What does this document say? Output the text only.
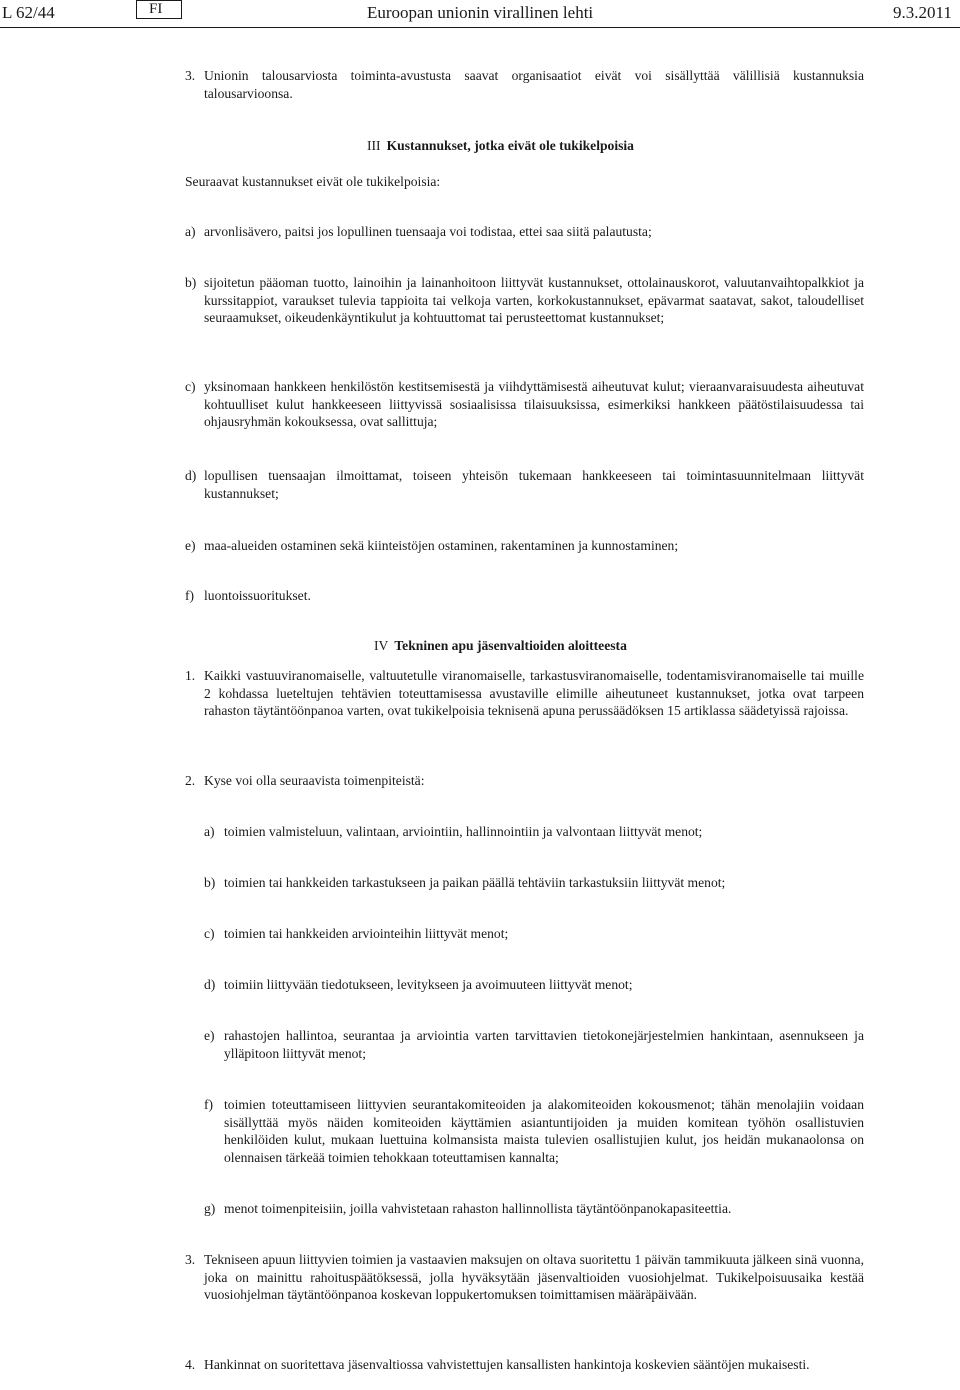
L 62/44	FI	Euroopan unionin virallinen lehti	9.3.2011
3. Unionin talousarviosta toiminta-avustusta saavat organisaatiot eivät voi sisällyttää välillisiä kustannuksia talousarvioonsa.
III Kustannukset, jotka eivät ole tukikelpoisia
Seuraavat kustannukset eivät ole tukikelpoisia:
a) arvonlisävero, paitsi jos lopullinen tuensaaja voi todistaa, ettei saa siitä palautusta;
b) sijoitetun pääoman tuotto, lainoihin ja lainanhoitoon liittyvät kustannukset, ottolainauskorot, valuutanvaihtopalkkiot ja kurssitappiot, varaukset tulevia tappioita tai velkoja varten, korkokustannukset, epävarmat saatavat, sakot, taloudelliset seuraamukset, oikeudenkäyntikulut ja kohtuuttomat tai perusteettomat kustannukset;
c) yksinomaan hankkeen henkilöstön kestitsemisestä ja viihdyttämisestä aiheutuvat kulut; vieraanvaraisuudesta aiheutuvat kohtuulliset kulut hankkeeseen liittyvissä sosiaalisissa tilaisuuksissa, esimerkiksi hankkeen päätöstilaisuudessa tai ohjausryhmän kokouksessa, ovat sallittuja;
d) lopullisen tuensaajan ilmoittamat, toiseen yhteisön tukemaan hankkeeseen tai toimintasuunnitelmaan liittyvät kustannukset;
e) maa-alueiden ostaminen sekä kiinteistöjen ostaminen, rakentaminen ja kunnostaminen;
f) luontoissuoritukset.
IV Tekninen apu jäsenvaltioiden aloitteesta
1. Kaikki vastuuviranomaiselle, valtuutetulle viranomaiselle, tarkastusviranomaiselle, todentamisviranomaiselle tai muille 2 kohdassa lueteltujen tehtävien toteuttamisessa avustaville elimille aiheutuneet kustannukset, jotka ovat tarpeen rahaston täytäntöönpanoa varten, ovat tukikelpoisia teknisenä apuna perussäädöksen 15 artiklassa säädetyissä rajoissa.
2. Kyse voi olla seuraavista toimenpiteistä:
a) toimien valmisteluun, valintaan, arviointiin, hallinnointiin ja valvontaan liittyvät menot;
b) toimien tai hankkeiden tarkastukseen ja paikan päällä tehtäviin tarkastuksiin liittyvät menot;
c) toimien tai hankkeiden arviointeihin liittyvät menot;
d) toimiin liittyvään tiedotukseen, levitykseen ja avoimuuteen liittyvät menot;
e) rahastojen hallintoa, seurantaa ja arviointia varten tarvittavien tietokonejärjestelmien hankintaan, asennukseen ja ylläpitoon liittyvät menot;
f) toimien toteuttamiseen liittyvien seurantakomiteoiden ja alakomiteoiden kokousmenot; tähän menolajiin voidaan sisällyttää myös näiden komiteoiden käyttämien asiantuntijoiden ja muiden komitean työhön osallistuvien henkilöiden kulut, mukaan luettuina kolmansista maista tulevien osallistujien kulut, jos heidän mukanaolonsa on olennaisen tärkeää toimien tehokkaan toteuttamisen kannalta;
g) menot toimenpiteisiin, joilla vahvistetaan rahaston hallinnollista täytäntöönpanokapasiteettia.
3. Tekniseen apuun liittyvien toimien ja vastaavien maksujen on oltava suoritettu 1 päivän tammikuuta jälkeen sinä vuonna, joka on mainittu rahoituspäätöksessä, jolla hyväksytään jäsenvaltioiden vuosiohjelmat. Tukikelpoisuusaika kestää vuosiohjelman täytäntöönpanoa koskevan loppukertomuksen toimittamisen määräpäivään.
4. Hankinnat on suoritettava jäsenvaltiossa vahvistettujen kansallisten hankintoja koskevien sääntöjen mukaisesti.
